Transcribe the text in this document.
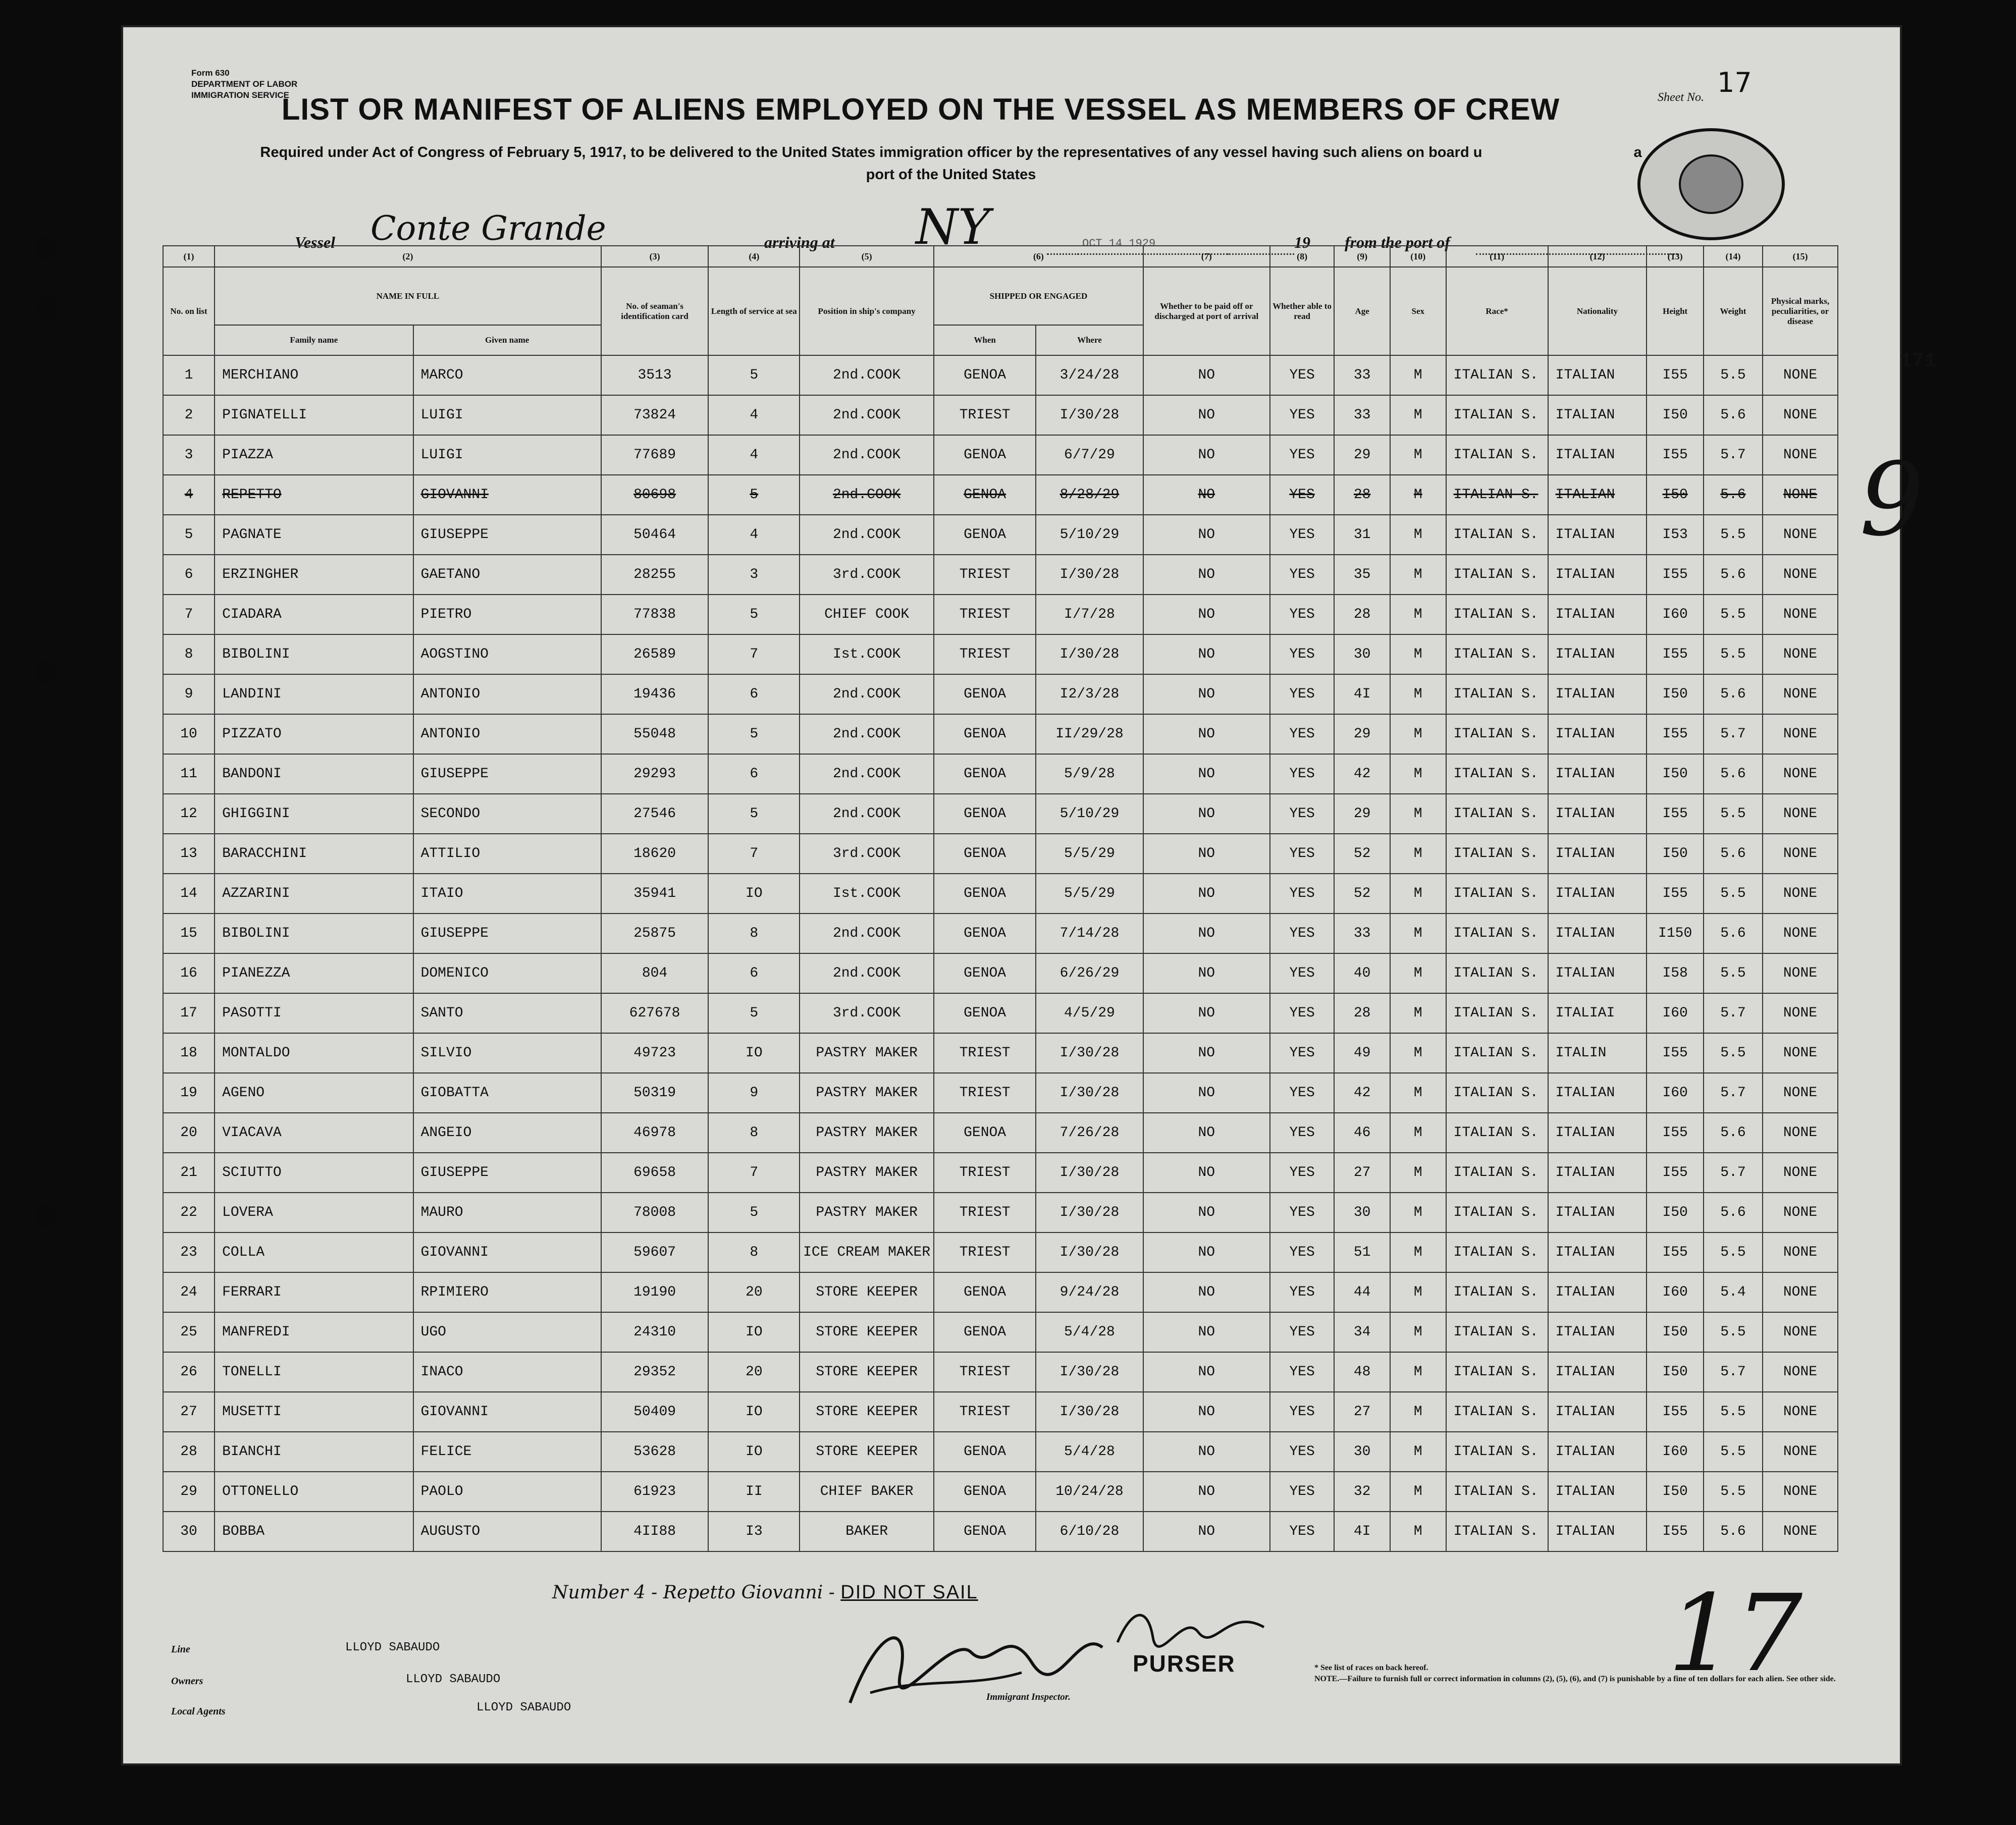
Form 630
DEPARTMENT OF LABOR
IMMIGRATION SERVICE	Sheet No. 17
LIST OR MANIFEST OF ALIENS EMPLOYED ON THE VESSEL AS MEMBERS OF CREW
Required under Act of Congress of February 5, 1917, to be delivered to the United States immigration officer by the representatives of any vessel having such aliens on board u	a
port of the United States
Vessel Conte Grande	arriving at NY	OCT 14 1929	19 from the port of
(1)	(2)		(3)	(4)	(5)	(6)		(7)	(8)	(9)	(10)	(11)	(12)	(13)	(14)	(15)
No. on list	NAME IN FULL		No. of seaman's identification card	Length of service at sea	Position in ship's company	SHIPPED OR ENGAGED		Whether to be paid off or discharged at port of arrival	Whether able to read	Age	Sex	Race*	Nationality	Height	Weight	Physical marks, peculiarities, or disease
	Family name	Given name				When	Where									
1	MERCHIANO	MARCO	3513	5	2nd.COOK	GENOA	3/24/28	NO	YES	33	M	ITALIAN S.	ITALIAN	I55	5.5	NONE
2	PIGNATELLI	LUIGI	73824	4	2nd.COOK	TRIEST	I/30/28	NO	YES	33	M	ITALIAN S.	ITALIAN	I50	5.6	NONE
3	PIAZZA	LUIGI	77689	4	2nd.COOK	GENOA	6/7/29	NO	YES	29	M	ITALIAN S.	ITALIAN	I55	5.7	NONE
4	REPETTO	GIOVANNI	80698	5	2nd.COOK	GENOA	8/28/29	NO	YES	28	M	ITALIAN S.	ITALIAN	I50	5.6	NONE
5	PAGNATE	GIUSEPPE	50464	4	2nd.COOK	GENOA	5/10/29	NO	YES	31	M	ITALIAN S.	ITALIAN	I53	5.5	NONE
6	ERZINGHER	GAETANO	28255	3	3rd.COOK	TRIEST	I/30/28	NO	YES	35	M	ITALIAN S.	ITALIAN	I55	5.6	NONE
7	CIADARA	PIETRO	77838	5	CHIEF COOK	TRIEST	I/7/28	NO	YES	28	M	ITALIAN S.	ITALIAN	I60	5.5	NONE
8	BIBOLINI	AOGSTINO	26589	7	Ist.COOK	TRIEST	I/30/28	NO	YES	30	M	ITALIAN S.	ITALIAN	I55	5.5	NONE
9	LANDINI	ANTONIO	19436	6	2nd.COOK	GENOA	I2/3/28	NO	YES	4I	M	ITALIAN S.	ITALIAN	I50	5.6	NONE
10	PIZZATO	ANTONIO	55048	5	2nd.COOK	GENOA	II/29/28	NO	YES	29	M	ITALIAN S.	ITALIAN	I55	5.7	NONE
11	BANDONI	GIUSEPPE	29293	6	2nd.COOK	GENOA	5/9/28	NO	YES	42	M	ITALIAN S.	ITALIAN	I50	5.6	NONE
12	GHIGGINI	SECONDO	27546	5	2nd.COOK	GENOA	5/10/29	NO	YES	29	M	ITALIAN S.	ITALIAN	I55	5.5	NONE
13	BARACCHINI	ATTILIO	18620	7	3rd.COOK	GENOA	5/5/29	NO	YES	52	M	ITALIAN S.	ITALIAN	I50	5.6	NONE
14	AZZARINI	ITAIO	35941	IO	Ist.COOK	GENOA	5/5/29	NO	YES	52	M	ITALIAN S.	ITALIAN	I55	5.5	NONE
15	BIBOLINI	GIUSEPPE	25875	8	2nd.COOK	GENOA	7/14/28	NO	YES	33	M	ITALIAN S.	ITALIAN	I150	5.6	NONE
16	PIANEZZA	DOMENICO	804	6	2nd.COOK	GENOA	6/26/29	NO	YES	40	M	ITALIAN S.	ITALIAN	I58	5.5	NONE
17	PASOTTI	SANTO	627678	5	3rd.COOK	GENOA	4/5/29	NO	YES	28	M	ITALIAN S.	ITALIAI	I60	5.7	NONE
18	MONTALDO	SILVIO	49723	IO	PASTRY MAKER	TRIEST	I/30/28	NO	YES	49	M	ITALIAN S.	ITALIN	I55	5.5	NONE
19	AGENO	GIOBATTA	50319	9	PASTRY MAKER	TRIEST	I/30/28	NO	YES	42	M	ITALIAN S.	ITALIAN	I60	5.7	NONE
20	VIACAVA	ANGEIO	46978	8	PASTRY MAKER	GENOA	7/26/28	NO	YES	46	M	ITALIAN S.	ITALIAN	I55	5.6	NONE
21	SCIUTTO	GIUSEPPE	69658	7	PASTRY MAKER	TRIEST	I/30/28	NO	YES	27	M	ITALIAN S.	ITALIAN	I55	5.7	NONE
22	LOVERA	MAURO	78008	5	PASTRY MAKER	TRIEST	I/30/28	NO	YES	30	M	ITALIAN S.	ITALIAN	I50	5.6	NONE
23	COLLA	GIOVANNI	59607	8	ICE CREAM MAKER	TRIEST	I/30/28	NO	YES	51	M	ITALIAN S.	ITALIAN	I55	5.5	NONE
24	FERRARI	RPIMIERO	19190	20	STORE KEEPER	GENOA	9/24/28	NO	YES	44	M	ITALIAN S.	ITALIAN	I60	5.4	NONE
25	MANFREDI	UGO	24310	IO	STORE KEEPER	GENOA	5/4/28	NO	YES	34	M	ITALIAN S.	ITALIAN	I50	5.5	NONE
26	TONELLI	INACO	29352	20	STORE KEEPER	TRIEST	I/30/28	NO	YES	48	M	ITALIAN S.	ITALIAN	I50	5.7	NONE
27	MUSETTI	GIOVANNI	50409	IO	STORE KEEPER	TRIEST	I/30/28	NO	YES	27	M	ITALIAN S.	ITALIAN	I55	5.5	NONE
28	BIANCHI	FELICE	53628	IO	STORE KEEPER	GENOA	5/4/28	NO	YES	30	M	ITALIAN S.	ITALIAN	I60	5.5	NONE
29	OTTONELLO	PAOLO	61923	II	CHIEF BAKER	GENOA	10/24/28	NO	YES	32	M	ITALIAN S.	ITALIAN	I50	5.5	NONE
30	BOBBA	AUGUSTO	4II88	I3	BAKER	GENOA	6/10/28	NO	YES	4I	M	ITALIAN S.	ITALIAN	I55	5.6	NONE
171
9
Number 4 - Repetto Giovanni - DID NOT SAIL
Line	LLOYD SABAUDO
Owners	LLOYD SABAUDO
Local Agents	LLOYD SABAUDO
PURSER
Immigrant Inspector.
17
* See list of races on back hereof.
NOTE.—Failure to furnish full or correct information in columns (2), (5), (6), and (7) is punishable by a fine of ten dollars for each alien. See other side.
